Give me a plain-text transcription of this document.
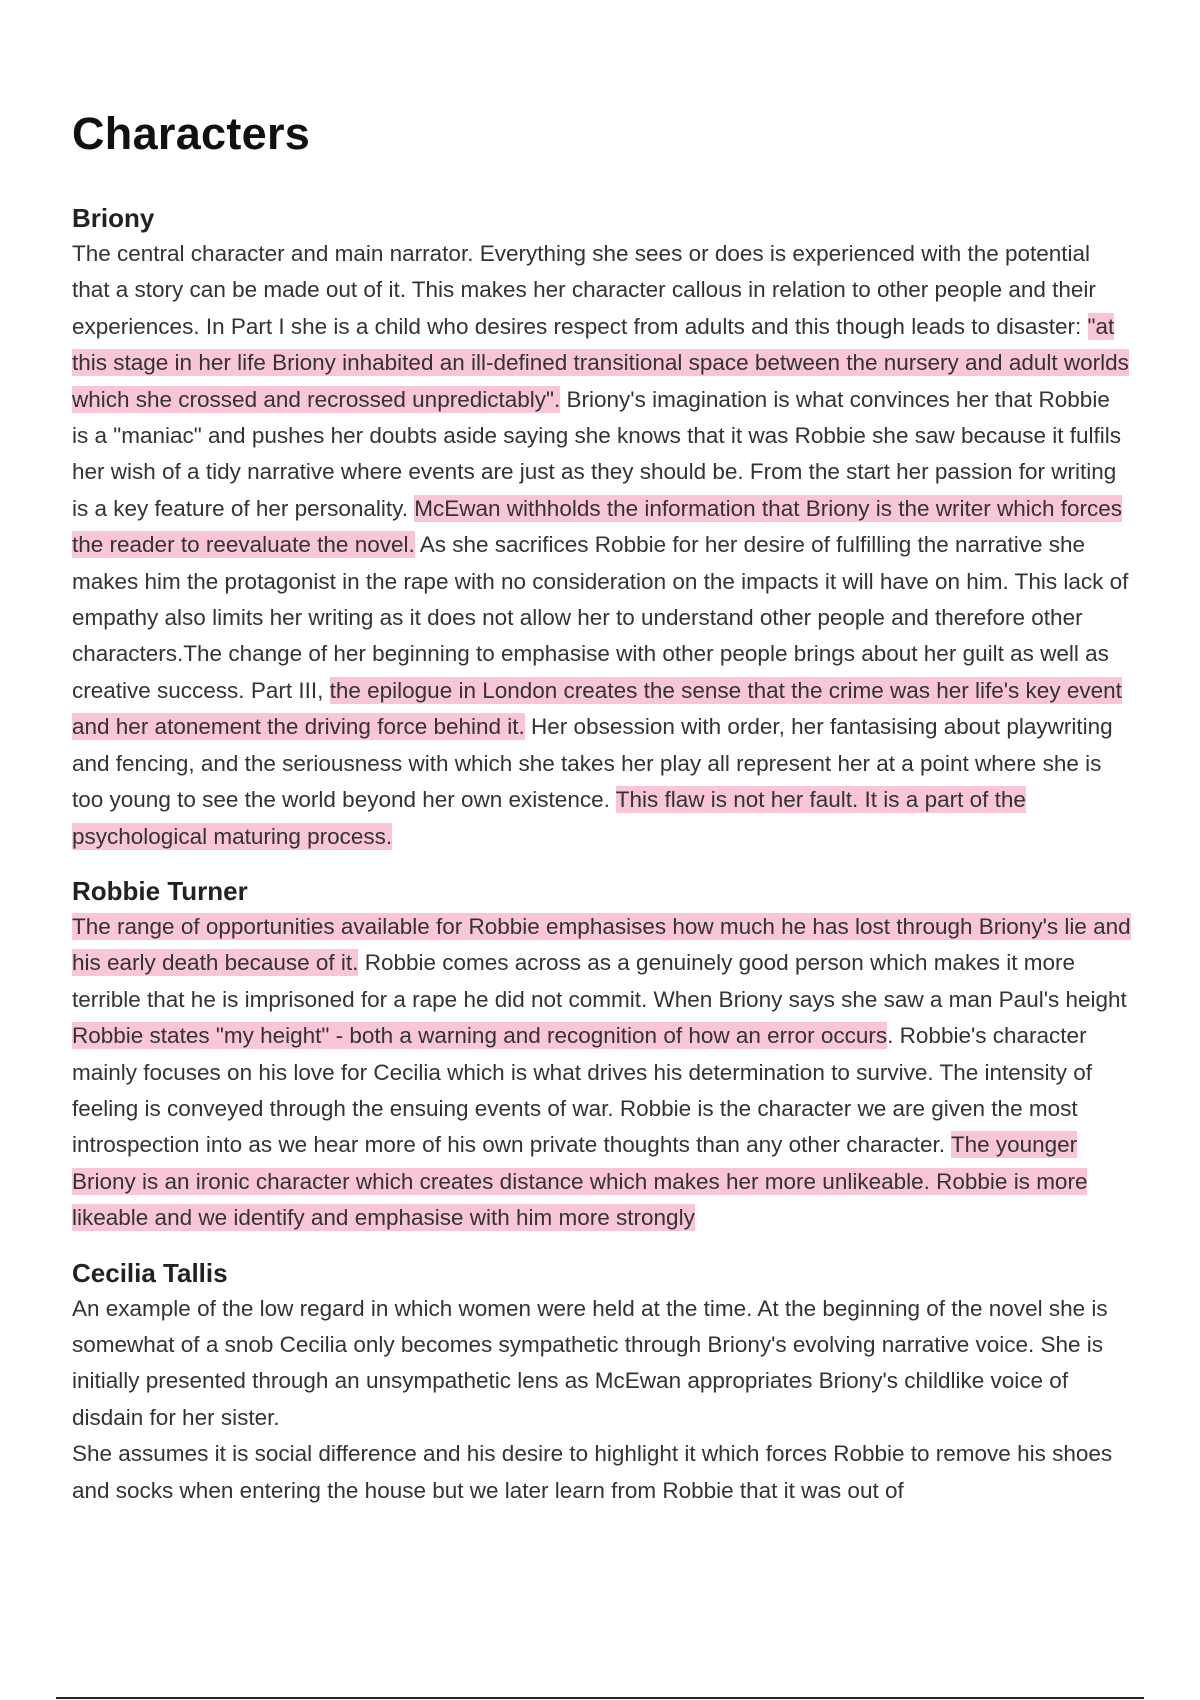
Characters
Briony

The central character and main narrator. Everything she sees or does is experienced with the potential that a story can be made out of it. This makes her character callous in relation to other people and their experiences. In Part I she is a child who desires respect from adults and this though leads to disaster: "at this stage in her life Briony inhabited an ill-defined transitional space between the nursery and adult worlds which she crossed and recrossed unpredictably". Briony's imagination is what convinces her that Robbie is a "maniac" and pushes her doubts aside saying she knows that it was Robbie she saw because it fulfils her wish of a tidy narrative where events are just as they should be. From the start her passion for writing is a key feature of her personality. McEwan withholds the information that Briony is the writer which forces the reader to reevaluate the novel. As she sacrifices Robbie for her desire of fulfilling the narrative she makes him the protagonist in the rape with no consideration on the impacts it will have on him. This lack of empathy also limits her writing as it does not allow her to understand other people and therefore other characters.The change of her beginning to emphasise with other people brings about her guilt as well as creative success. Part III, the epilogue in London creates the sense that the crime was her life's key event and her atonement the driving force behind it. Her obsession with order, her fantasising about playwriting and fencing, and the seriousness with which she takes her play all represent her at a point where she is too young to see the world beyond her own existence. This flaw is not her fault. It is a part of the psychological maturing process.

Robbie Turner

The range of opportunities available for Robbie emphasises how much he has lost through Briony's lie and his early death because of it. Robbie comes across as a genuinely good person which makes it more terrible that he is imprisoned for a rape he did not commit. When Briony says she saw a man Paul's height Robbie states "my height" - both a warning and recognition of how an error occurs. Robbie's character mainly focuses on his love for Cecilia which is what drives his determination to survive. The intensity of feeling is conveyed through the ensuing events of war. Robbie is the character we are given the most introspection into as we hear more of his own private thoughts than any other character. The younger Briony is an ironic character which creates distance which makes her more unlikeable. Robbie is more likeable and we identify and emphasise with him more strongly

Cecilia Tallis

An example of the low regard in which women were held at the time. At the beginning of the novel she is somewhat of a snob Cecilia only becomes sympathetic through Briony's evolving narrative voice. She is initially presented through an unsympathetic lens as McEwan appropriates Briony's childlike voice of disdain for her sister.

She assumes it is social difference and his desire to highlight it which forces Robbie to remove his shoes and socks when entering the house but we later learn from Robbie that it was out of
